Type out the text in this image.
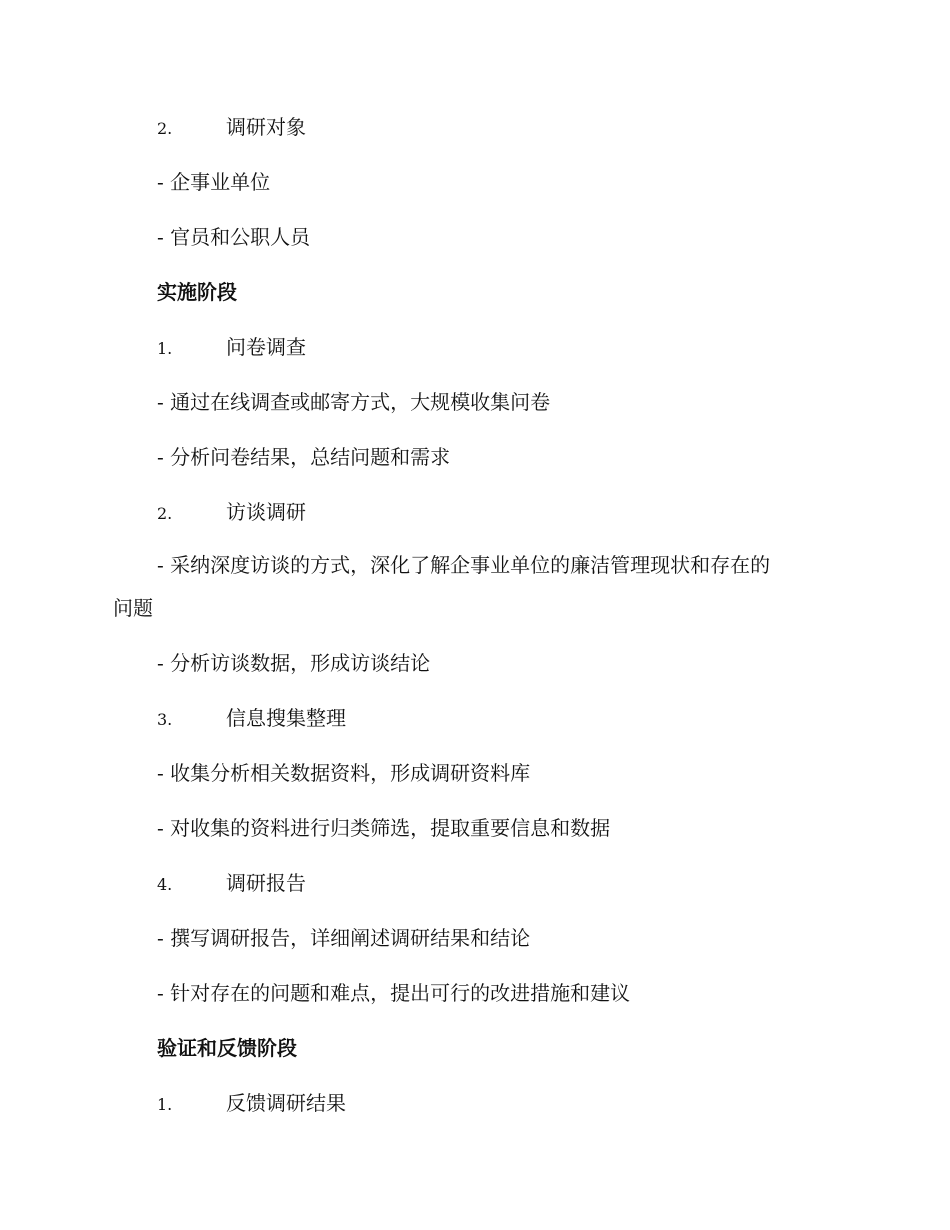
2.	调研对象
- 企事业单位
- 官员和公职人员
实施阶段
1.	问卷调查
- 通过在线调查或邮寄方式，大规模收集问卷
- 分析问卷结果，总结问题和需求
2.	访谈调研
- 采纳深度访谈的方式，深化了解企事业单位的廉洁管理现状和存在的
问题
- 分析访谈数据，形成访谈结论
3.	信息搜集整理
- 收集分析相关数据资料，形成调研资料库
- 对收集的资料进行归类筛选，提取重要信息和数据
4.	调研报告
- 撰写调研报告，详细阐述调研结果和结论
- 针对存在的问题和难点，提出可行的改进措施和建议
验证和反馈阶段
1.	反馈调研结果
